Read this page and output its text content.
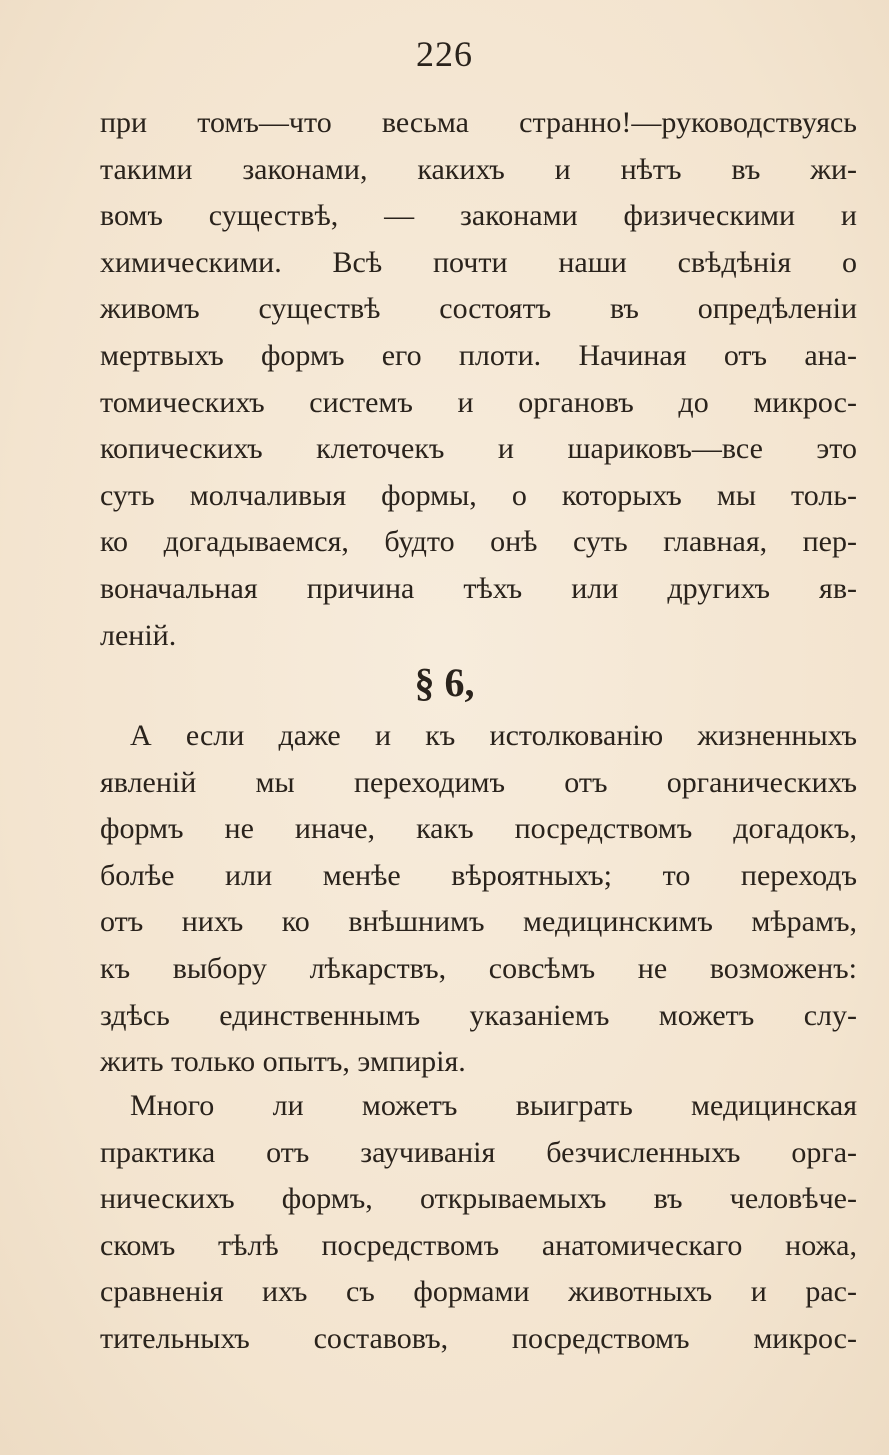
226
при томъ—что весьма странно!—руководствуясь
такими законами, какихъ и нѣтъ въ жи-
вомъ существѣ, — законами физическими и
химическими. Всѣ почти наши свѣдѣнія о
живомъ существѣ состоятъ въ опредѣленіи
мертвыхъ формъ его плоти. Начиная отъ ана-
томическихъ системъ и органовъ до микрос-
копическихъ клеточекъ и шариковъ—все это
суть молчаливыя формы, о которыхъ мы толь-
ко догадываемся, будто онѣ суть главная, пер-
воначальная причина тѣхъ или другихъ яв-
леній.
§ 6,
А если даже и къ истолкованію жизненныхъ
явленій мы переходимъ отъ органическихъ
формъ не иначе, какъ посредствомъ догадокъ,
болѣе или менѣе вѣроятныхъ; то переходъ
отъ нихъ ко внѣшнимъ медицинскимъ мѣрамъ,
къ выбору лѣкарствъ, совсѣмъ не возможенъ:
здѣсь единственнымъ указаніемъ можетъ слу-
жить только опытъ, эмпирія.
Много ли можетъ выиграть медицинская
практика отъ заучиванія безчисленныхъ орга-
ническихъ формъ, открываемыхъ въ человѣче-
скомъ тѣлѣ посредствомъ анатомическаго ножа,
сравненія ихъ съ формами животныхъ и рас-
тительныхъ составовъ, посредствомъ микрос-
